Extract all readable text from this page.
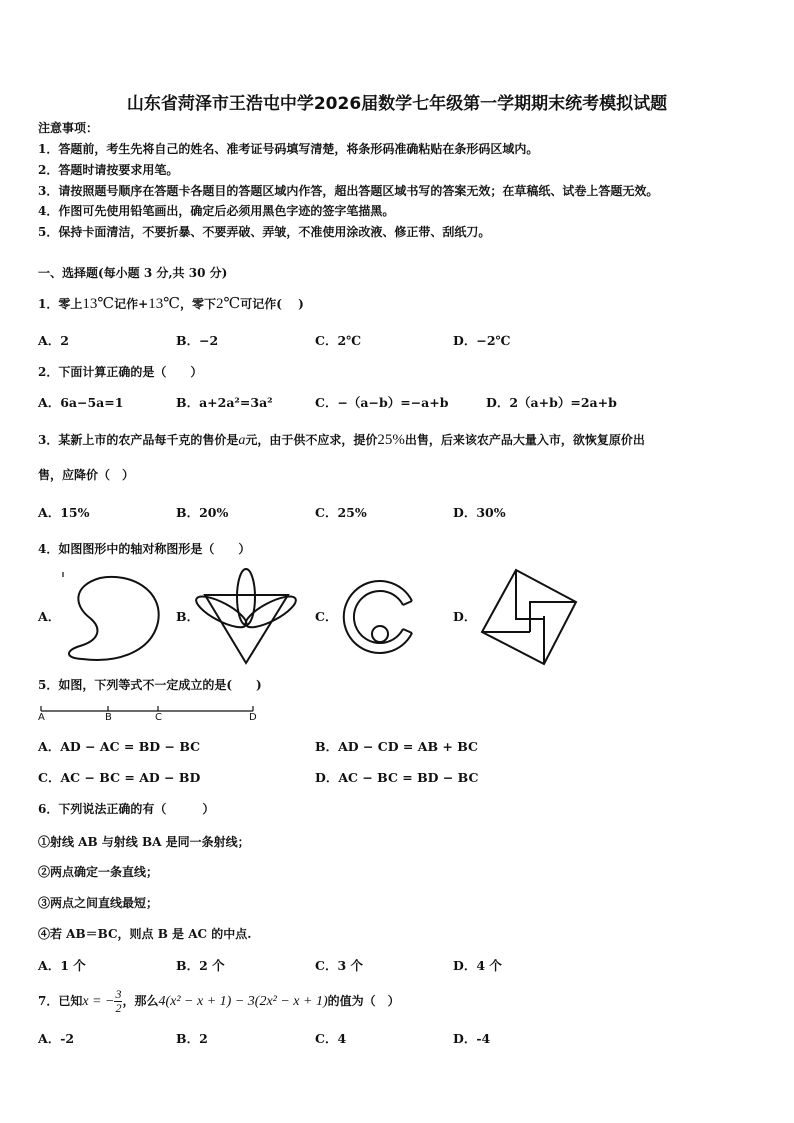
山东省菏泽市王浩屯中学2026届数学七年级第一学期期末统考模拟试题
注意事项：
1．答题前，考生先将自己的姓名、准考证号码填写清楚，将条形码准确粘贴在条形码区域内。
2．答题时请按要求用笔。
3．请按照题号顺序在答题卡各题目的答题区域内作答，超出答题区域书写的答案无效；在草稿纸、试卷上答题无效。
4．作图可先使用铅笔画出，确定后必须用黑色字迹的签字笔描黑。
5．保持卡面清洁，不要折暴、不要弄破、弄皱，不准使用涂改液、修正带、刮纸刀。
一、选择题(每小题 3 分,共 30 分)
1．零上13℃记作+13℃，零下2℃可记作(　 )
A．2	B．−2	C．2℃	D．−2℃
2．下面计算正确的是（　　）
A．6a−5a=1	B．a+2a²=3a²	C．−（a−b）=−a+b	D．2（a+b）=2a+b
3．某新上市的农产品每千克的售价是a元，由于供不应求，提价25%出售，后来该农产品大量入市，欲恢复原价出
售，应降价（　）
A．15%	B．20%	C．25%	D．30%
4．如图图形中的轴对称图形是（　　）
A．	B．	C．	D．
5．如图，下列等式不一定成立的是(　　)
A	B	C	D
A．AD − AC = BD − BC	B．AD − CD = AB + BC
C．AC − BC = AD − BD	D．AC − BC = BD − BC
6．下列说法正确的有（　　　）
①射线 AB 与射线 BA 是同一条射线；
②两点确定一条直线；
③两点之间直线最短；
④若 AB＝BC，则点 B 是 AC 的中点.
A．1 个	B．2 个	C．3 个	D．4 个
7．已知x = − $\frac{3}{2}$ ，那么4(x² − x + 1) − 3(2x² − x + 1)的值为（　）
A．-2	B．2	C．4	D．-4
